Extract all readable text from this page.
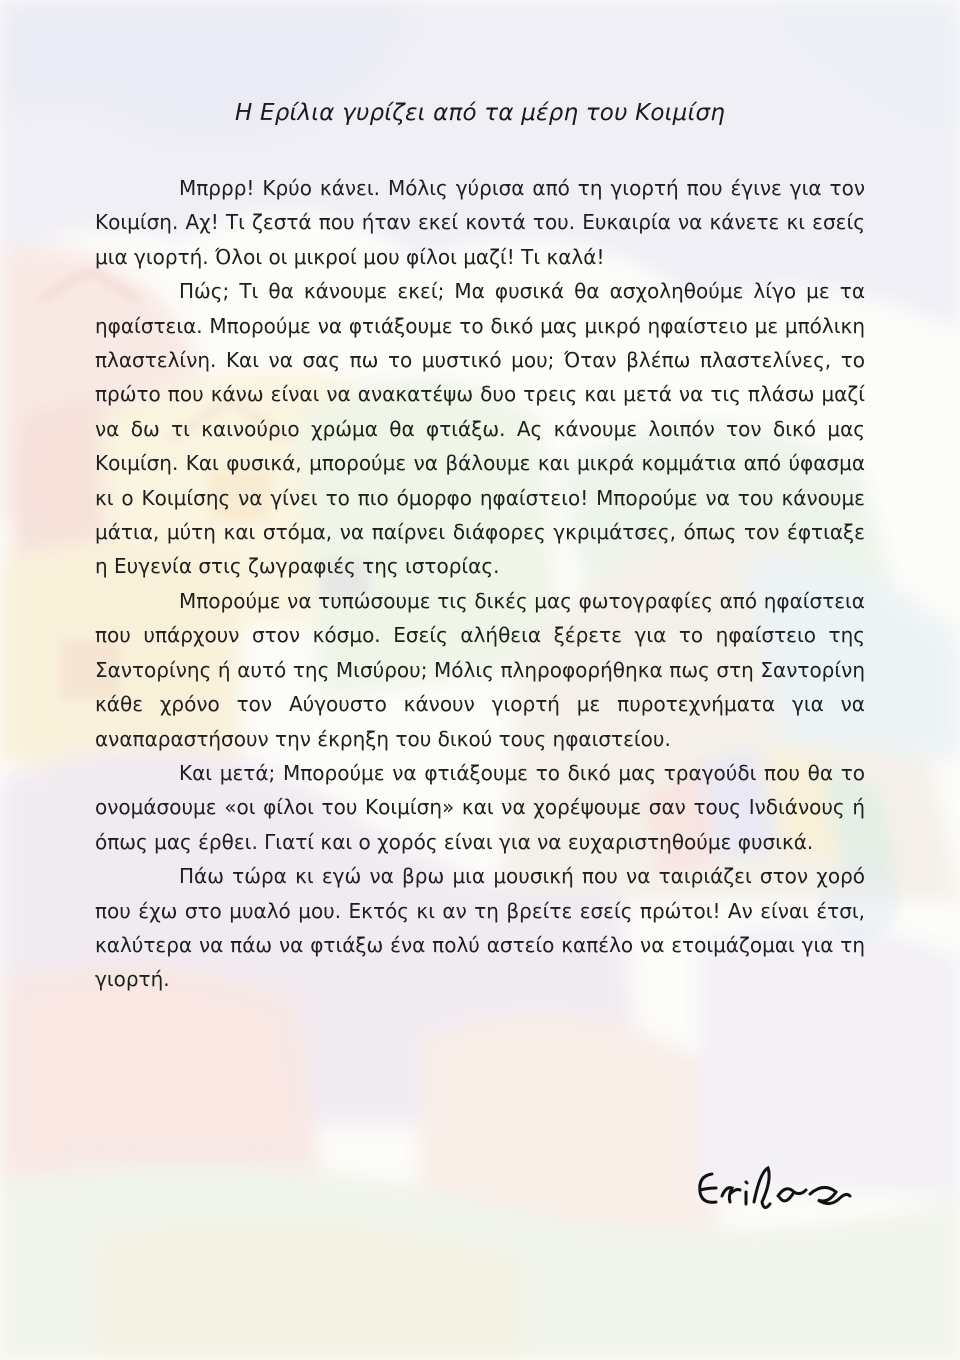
Η Ερίλια γυρίζει από τα μέρη του Κοιμίση

Μπρρρ! Κρύο κάνει. Μόλις γύρισα από τη γιορτή που έγινε για τον Κοιμίση. Αχ! Τι ζεστά που ήταν εκεί κοντά του. Ευκαιρία να κάνετε κι εσείς μια γιορτή. Όλοι οι μικροί μου φίλοι μαζί! Τι καλά!

Πώς; Τι θα κάνουμε εκεί; Μα φυσικά θα ασχοληθούμε λίγο με τα ηφαίστεια. Μπορούμε να φτιάξουμε το δικό μας μικρό ηφαίστειο με μπόλικη πλαστελίνη. Και να σας πω το μυστικό μου; Όταν βλέπω πλαστελίνες, το πρώτο που κάνω είναι να ανακατέψω δυο τρεις και μετά να τις πλάσω μαζί να δω τι καινούριο χρώμα θα φτιάξω. Ας κάνουμε λοιπόν τον δικό μας Κοιμίση. Και φυσικά, μπορούμε να βάλουμε και μικρά κομμάτια από ύφασμα κι ο Κοιμίσης να γίνει το πιο όμορφο ηφαίστειο! Μπορούμε να του κάνουμε μάτια, μύτη και στόμα, να παίρνει διάφορες γκριμάτσες, όπως τον έφτιαξε η Ευγενία στις ζωγραφιές της ιστορίας.

Μπορούμε να τυπώσουμε τις δικές μας φωτογραφίες από ηφαίστεια που υπάρχουν στον κόσμο. Εσείς αλήθεια ξέρετε για το ηφαίστειο της Σαντορίνης ή αυτό της Μισύρου; Μόλις πληροφορήθηκα πως στη Σαντορίνη κάθε χρόνο τον Αύγουστο κάνουν γιορτή με πυροτεχνήματα για να αναπαραστήσουν την έκρηξη του δικού τους ηφαιστείου.

Και μετά; Μπορούμε να φτιάξουμε το δικό μας τραγούδι που θα το ονομάσουμε «οι φίλοι του Κοιμίση» και να χορέψουμε σαν τους Ινδιάνους ή όπως μας έρθει. Γιατί και ο χορός είναι για να ευχαριστηθούμε φυσικά.

Πάω τώρα κι εγώ να βρω μια μουσική που να ταιριάζει στον χορό που έχω στο μυαλό μου. Εκτός κι αν τη βρείτε εσείς πρώτοι! Αν είναι έτσι, καλύτερα να πάω να φτιάξω ένα πολύ αστείο καπέλο να ετοιμάζομαι για τη γιορτή.
